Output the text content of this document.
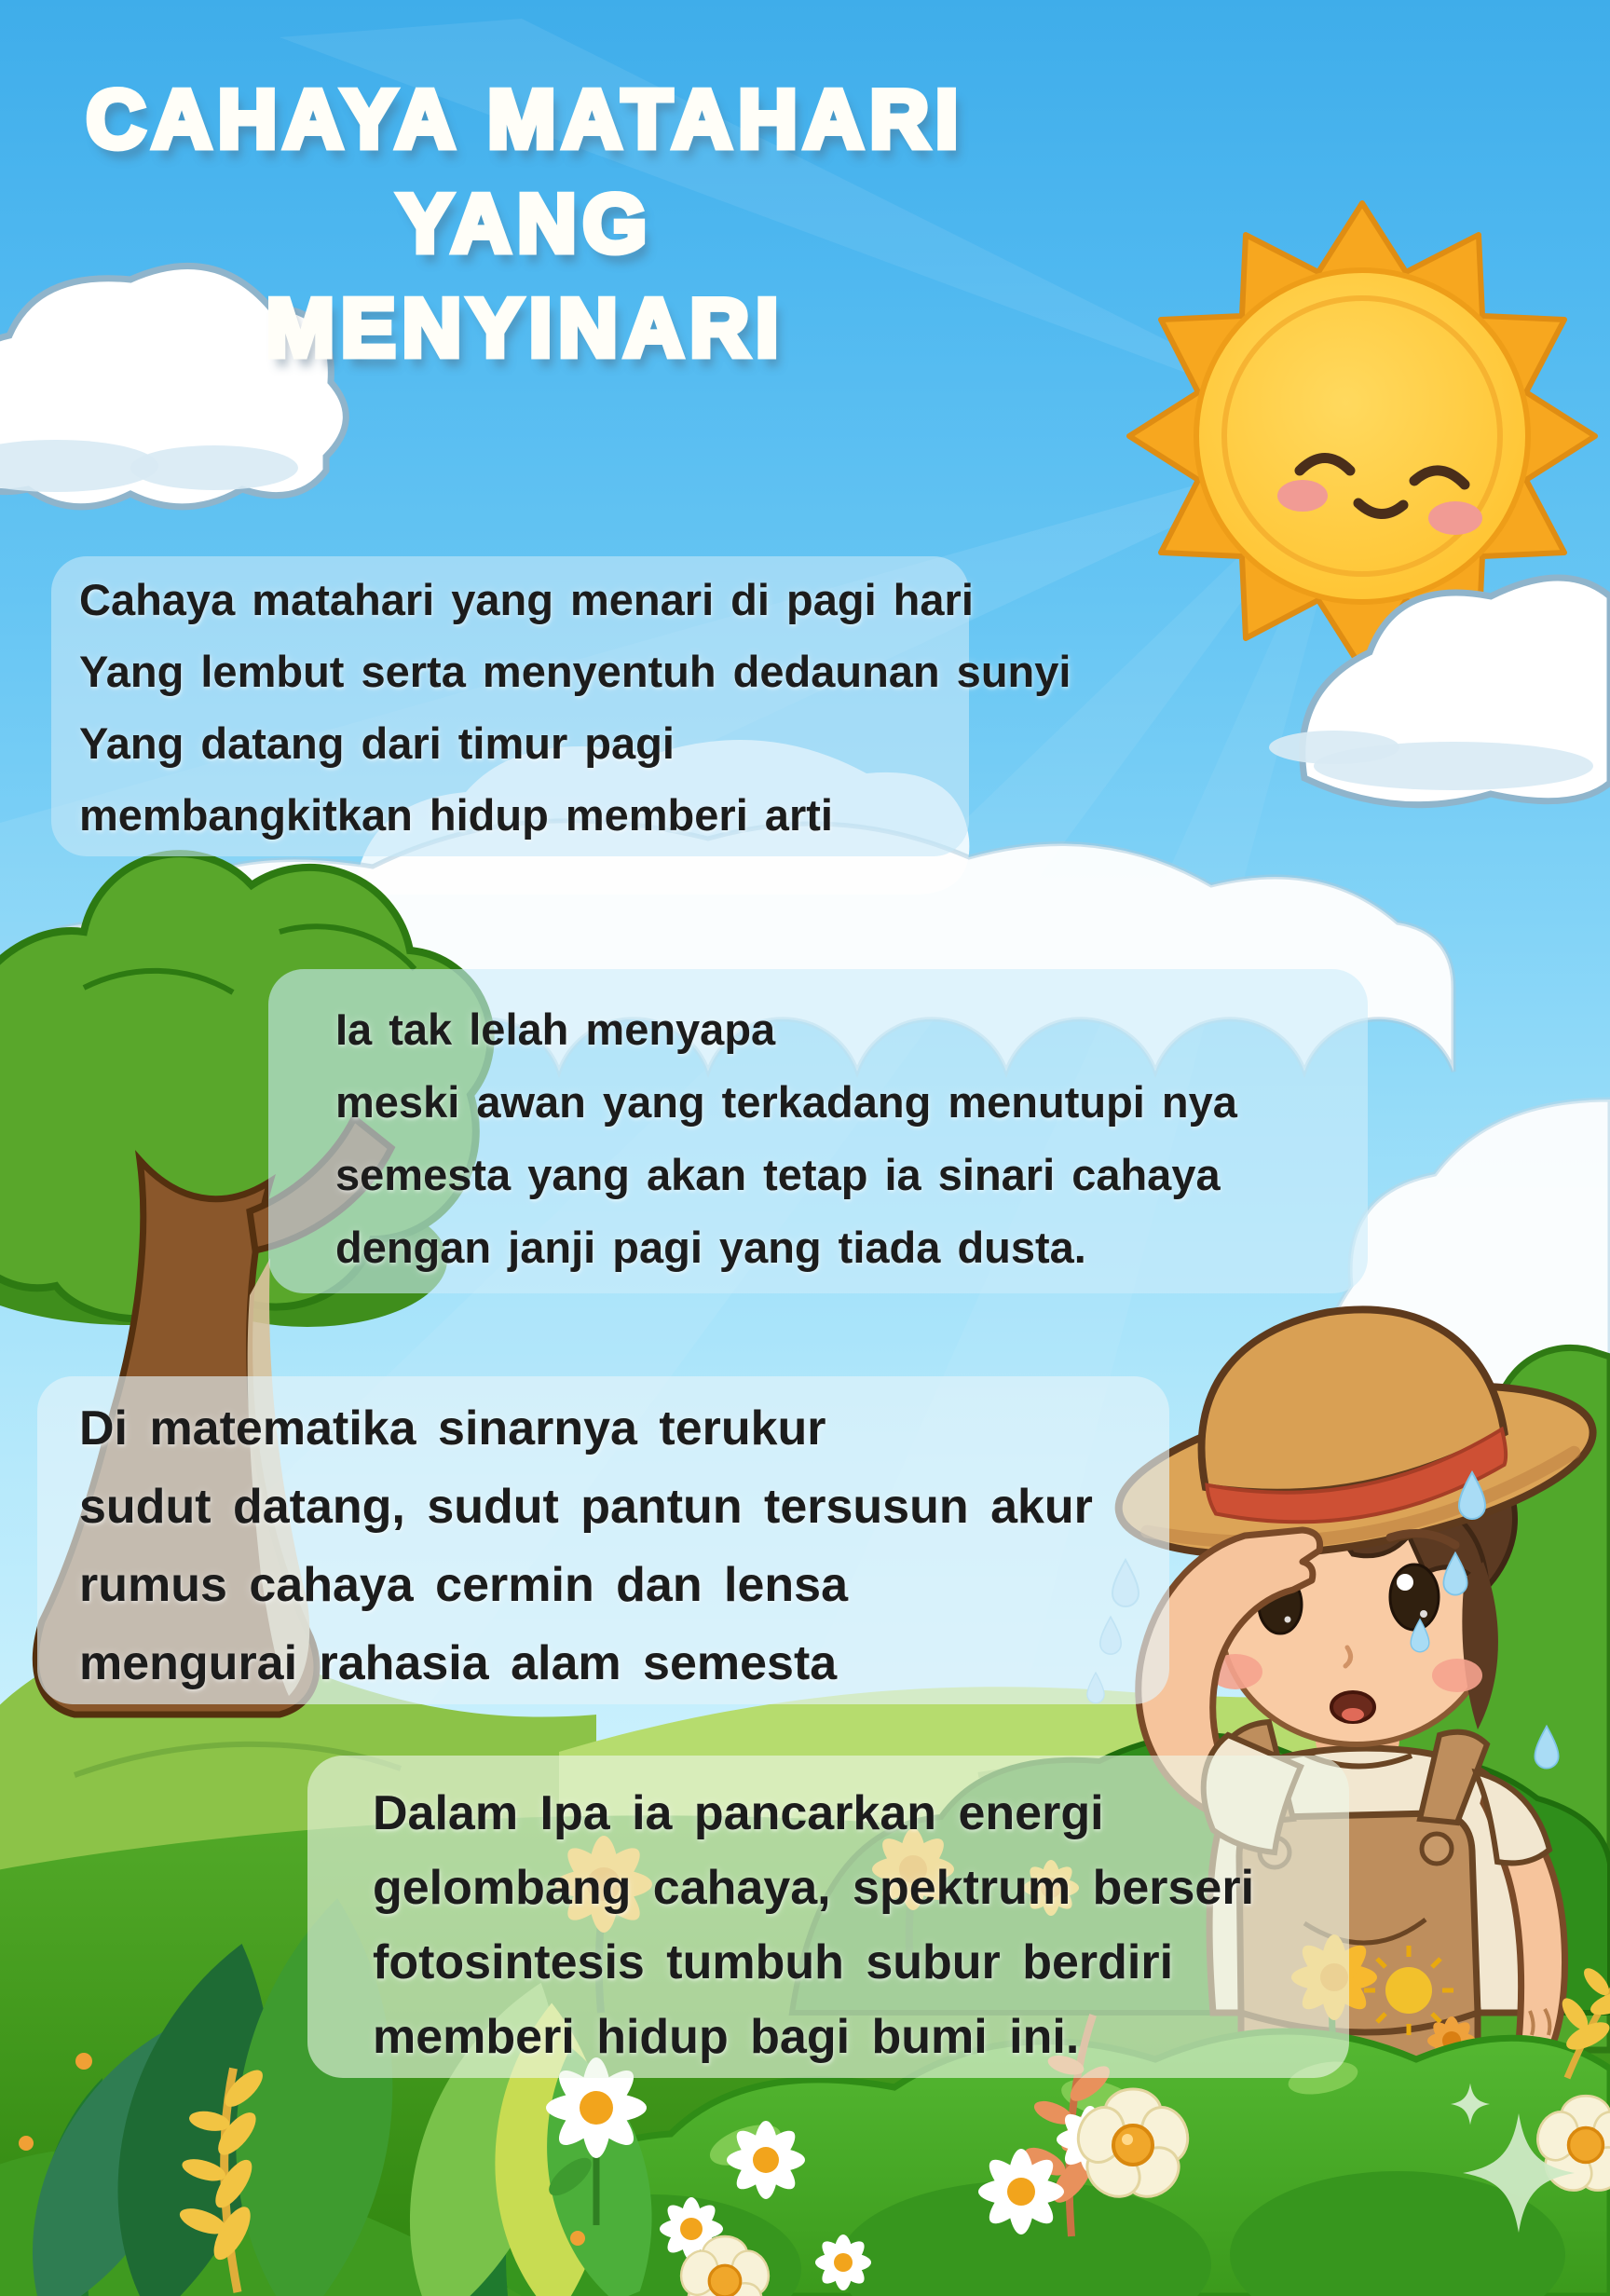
CAHAYA MATAHARI YANG
MENYINARI

Cahaya matahari yang menari di pagi hari

Yang lembut serta menyentuh dedaunan sunyi

Yang datang dari timur pagi

membangkitkan hidup memberi arti

Ia tak lelah menyapa

meski awan yang terkadang menutupi nya

semesta yang akan tetap ia sinari cahaya

dengan janji pagi yang tiada dusta.

Di matematika sinarnya terukur

sudut datang, sudut pantun tersusun akur

rumus cahaya cermin dan lensa

mengurai rahasia alam semesta

Dalam Ipa ia pancarkan energi

gelombang cahaya, spektrum berseri

fotosintesis tumbuh subur berdiri

memberi hidup bagi bumi ini.
